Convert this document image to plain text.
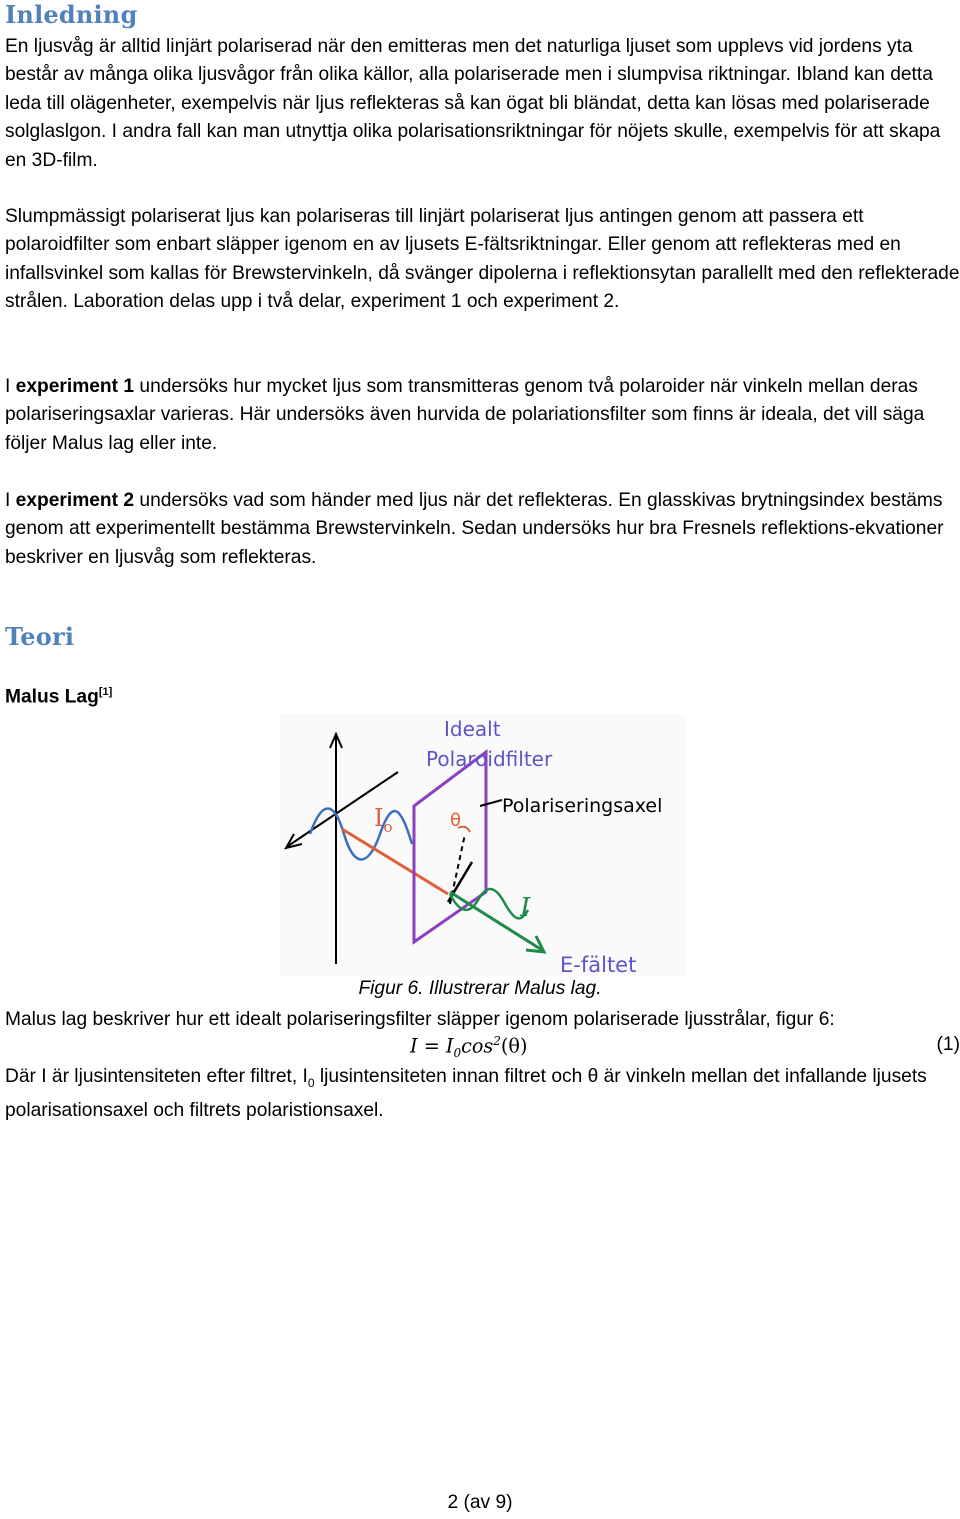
Inledning

En ljusvåg är alltid linjärt polariserad när den emitteras men det naturliga ljuset som upplevs vid jordens yta består av många olika ljusvågor från olika källor, alla polariserade men i slumpvisa riktningar. Ibland kan detta leda till olägenheter, exempelvis när ljus reflekteras så kan ögat bli bländat, detta kan lösas med polariserade solglaslgon. I andra fall kan man utnyttja olika polarisationsriktningar för nöjets skulle, exempelvis för att skapa en 3D-film.

Slumpmässigt polariserat ljus kan polariseras till linjärt polariserat ljus antingen genom att passera ett polaroidfilter som enbart släpper igenom en av ljusets E-fältsriktningar. Eller genom att reflekteras med en infallsvinkel som kallas för Brewstervinkeln, då svänger dipolerna i reflektionsytan parallellt med den reflekterade strålen. Laboration delas upp i två delar, experiment 1 och experiment 2.

I experiment 1 undersöks hur mycket ljus som transmitteras genom två polaroider när vinkeln mellan deras polariseringsaxlar varieras. Här undersöks även hurvida de polariationsfilter som finns är ideala, det vill säga följer Malus lag eller inte.

I experiment 2 undersöks vad som händer med ljus när det reflekteras. En glasskivas brytningsindex bestäms genom att experimentellt bestämma Brewstervinkeln. Sedan undersöks hur bra Fresnels reflektions-ekvationer beskriver en ljusvåg som reflekteras.

Teori
Malus Lag[1]
Idealt
Polaroidfilter
Polariseringsaxel
$I_o$	θ
I
E-fältet

Figur 6. Illustrerar Malus lag.

Malus lag beskriver hur ett idealt polariseringsfilter släpper igenom polariserade ljusstrålar, figur 6:

$I = I_0\cos^2(\theta)$	(1)

Där I är ljusintensiteten efter filtret, $I_0$ ljusintensiteten innan filtret och θ är vinkeln mellan det infallande ljusets polarisationsaxel och filtrets polaristionsaxel.

2 (av 9)
